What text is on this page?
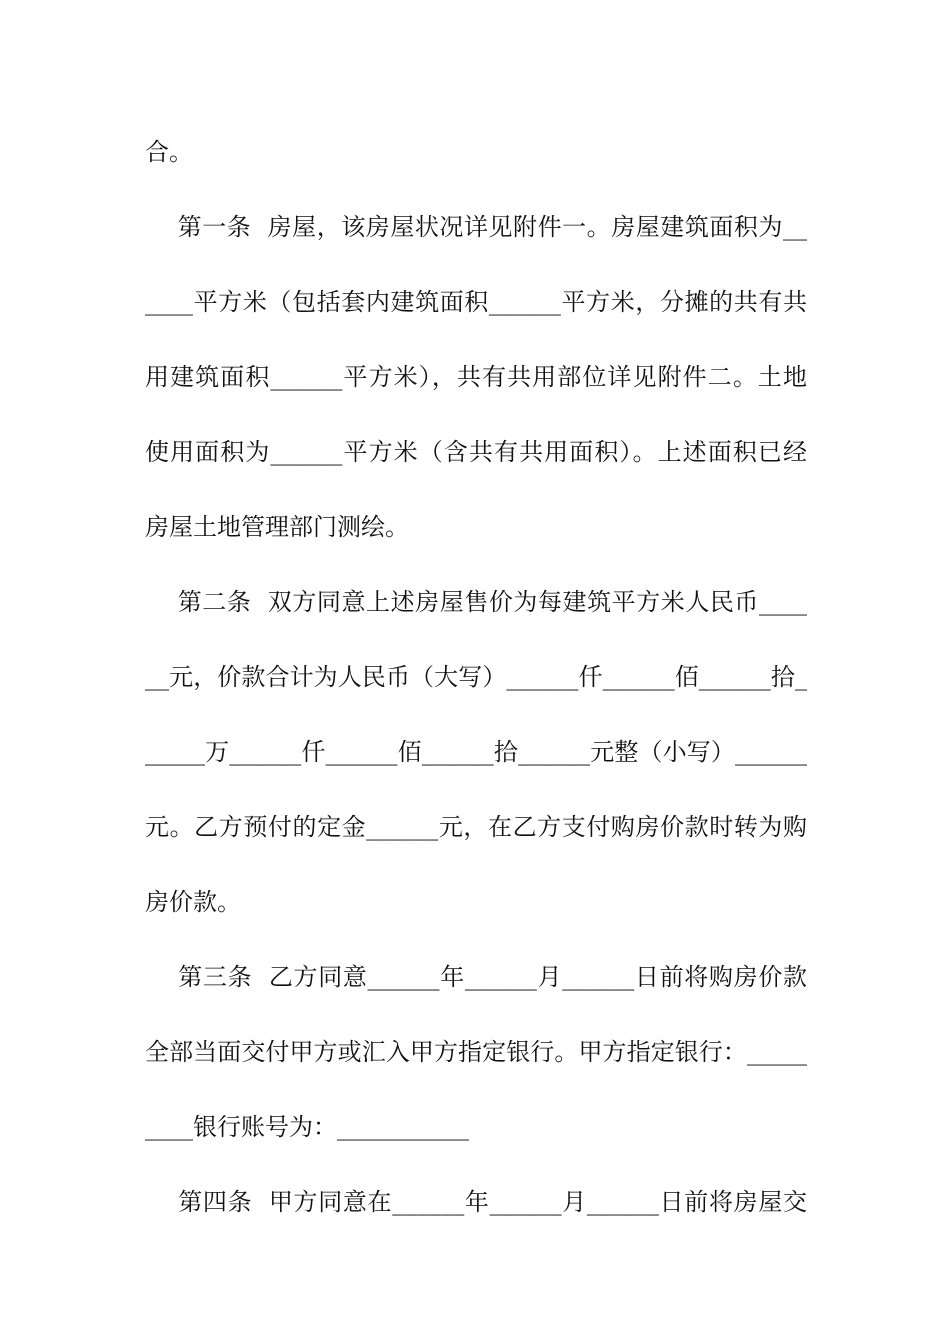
合。
第一条  房屋，该房屋状况详见附件一。房屋建筑面积为__
____平方米（包括套内建筑面积______平方米，分摊的共有共
用建筑面积______平方米），共有共用部位详见附件二。土地
使用面积为______平方米（含共有共用面积）。上述面积已经
房屋土地管理部门测绘。
第二条  双方同意上述房屋售价为每建筑平方米人民币____
__元，价款合计为人民币（大写）______仟______佰______拾_
_____万______仟______佰______拾______元整（小写）______
元。乙方预付的定金______元，在乙方支付购房价款时转为购
房价款。
第三条  乙方同意______年______月______日前将购房价款
全部当面交付甲方或汇入甲方指定银行。甲方指定银行：_____
____银行账号为：___________
第四条  甲方同意在______年______月______日前将房屋交
